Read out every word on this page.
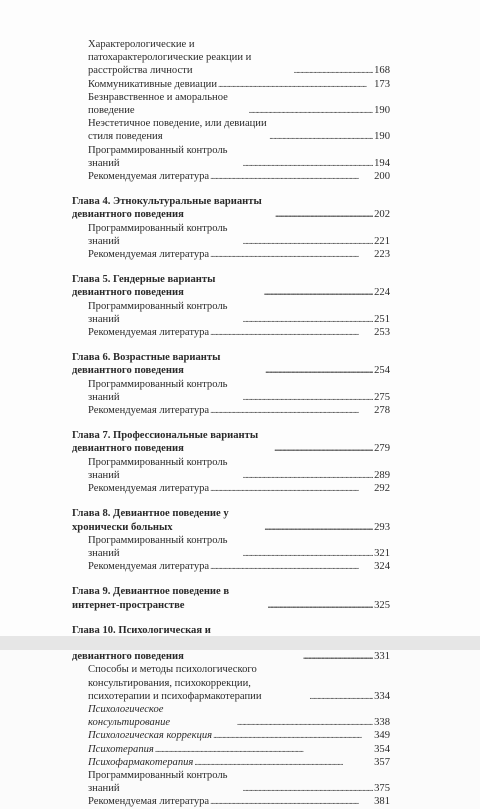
Характерологические и патохарактерологические реакции и расстройства личности . . .	168
Коммуникативные девиации . . .	173
Безнравственное и аморальное поведение . . .	190
Неэстетичное поведение, или девиации стиля поведения . . .	190
Программированный контроль знаний . . .	194
Рекомендуемая литература . . .	200
Глава 4. Этнокультуральные варианты девиантного поведения . . .	202
Программированный контроль знаний . . .	221
Рекомендуемая литература . . .	223
Глава 5. Гендерные варианты девиантного поведения . . .	224
Программированный контроль знаний . . .	251
Рекомендуемая литература . . .	253
Глава 6. Возрастные варианты девиантного поведения . . .	254
Программированный контроль знаний . . .	275
Рекомендуемая литература . . .	278
Глава 7. Профессиональные варианты девиантного поведения . . .	279
Программированный контроль знаний . . .	289
Рекомендуемая литература . . .	292
Глава 8. Девиантное поведение у хронически больных . . .	293
Программированный контроль знаний . . .	321
Рекомендуемая литература . . .	324
Глава 9. Девиантное поведение в интернет-пространстве . . .	325
Глава 10. Психологическая и девиантного поведения . . .	331
Способы и методы психологического консультирования, психокоррекции, психотерапии и психофармакотерапии . . .	334
Психологическое консультирование . . .	338
Психологическая коррекция . . .	349
Психотерапия . . .	354
Психофармакотерапия . . .	357
Программированный контроль знаний . . .	375
Рекомендуемая литература . . .	381
